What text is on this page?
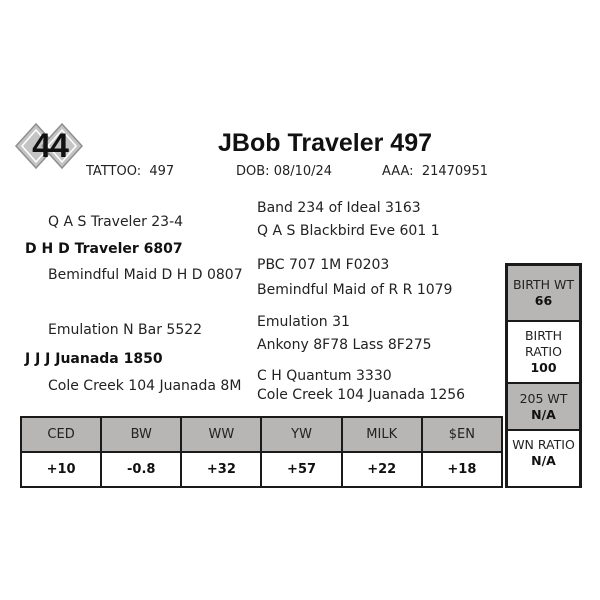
44	JBob Traveler 497
TATTOO: 497	DOB: 08/10/24	AAA: 21470951
Q A S Traveler 23-4
D H D Traveler 6807
Bemindful Maid D H D 0807
Band 234 of Ideal 3163
Q A S Blackbird Eve 601 1
PBC 707 1M F0203
Bemindful Maid of R R 1079
Emulation N Bar 5522
J J J Juanada 1850
Cole Creek 104 Juanada 8M
Emulation 31
Ankony 8F78 Lass 8F275
C H Quantum 3330
Cole Creek 104 Juanada 1256
CED	BW	WW	YW	MILK	$EN
+10	-0.8	+32	+57	+22	+18
BIRTH WT
66
BIRTH
RATIO
100
205 WT
N/A
WN RATIO
N/A
